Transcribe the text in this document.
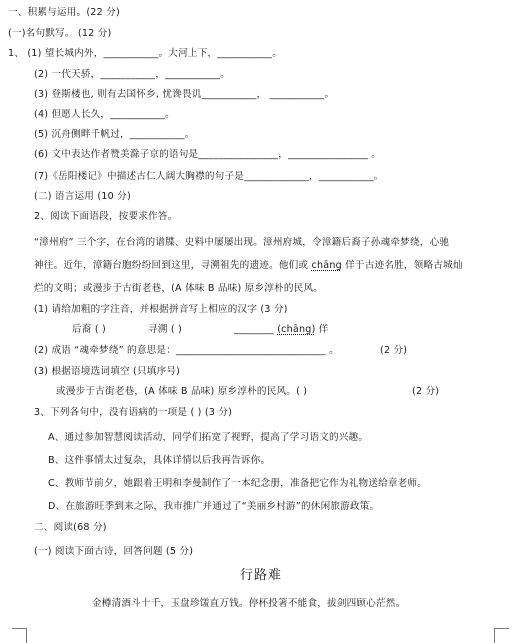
一、积累与运用。(22 分)
(一)名句默写。 (12 分)
1、 (1) 望长城内外，___________。大河上下，___________。
(2) 一代天骄，___________，___________。
(3) 登斯楼也, 则有去国怀乡, 忧谗畏讥___________， ___________。
(4) 但愿人长久，___________。
(5) 沉舟侧畔千帆过，___________。
(6) 文中表达作者赞美滁子京的语句是________________，________________ 。
(7)《岳阳楼记》中描述古仁人阔大胸襟的句子是_____________，___________。
(二) 语言运用 (10 分)
2、阅读下面语段，按要求作答。
“漳州府” 三个字，在台湾的谱牒、史料中屡屡出现。漳州府城，令漳籍后裔子孙魂牵梦绕，心驰
神往。近年，漳籍台胞纷纷回到这里，寻溯祖先的遗迹。他们或 chāng 佯于古迹名胜，领略古城灿
烂的文明；或漫步于古街老巷，(A 体味 B 品味) 原乡淳朴的民风。
(1) 请给加粗的字注音，并根据拼音写上相应的汉字 (3 分)
后裔 ( )	寻溯 ( )	________ (chāng) 佯
(2) 成语 “魂牵梦绕” 的意思是：______________________________ 。	(2 分)
(3) 根据语境选词填空 (只填序号)
或漫步于古街老巷，(A 体味 B 品味) 原乡淳朴的民风。( )	(2 分)
3、下列各句中，没有语病的一项是 ( ) (3 分)
A、通过参加智慧阅读活动，同学们拓宽了视野，提高了学习语文的兴趣。
B、这件事情太过复杂，具体详情以后我再告诉你。
C、教师节前夕，她跟着王明和李曼制作了一本纪念册，准备把它作为礼物送给章老师。
D、在旅游旺季到来之际，我市推广并通过了“美丽乡村游”的休闲旅游政策。
二、阅读(68 分)
(一) 阅读下面古诗，回答问题 (5 分)
行路难
金樽清酒斗十千，玉盘珍馐直万钱。停杯投箸不能食，拔剑四顾心茫然。
